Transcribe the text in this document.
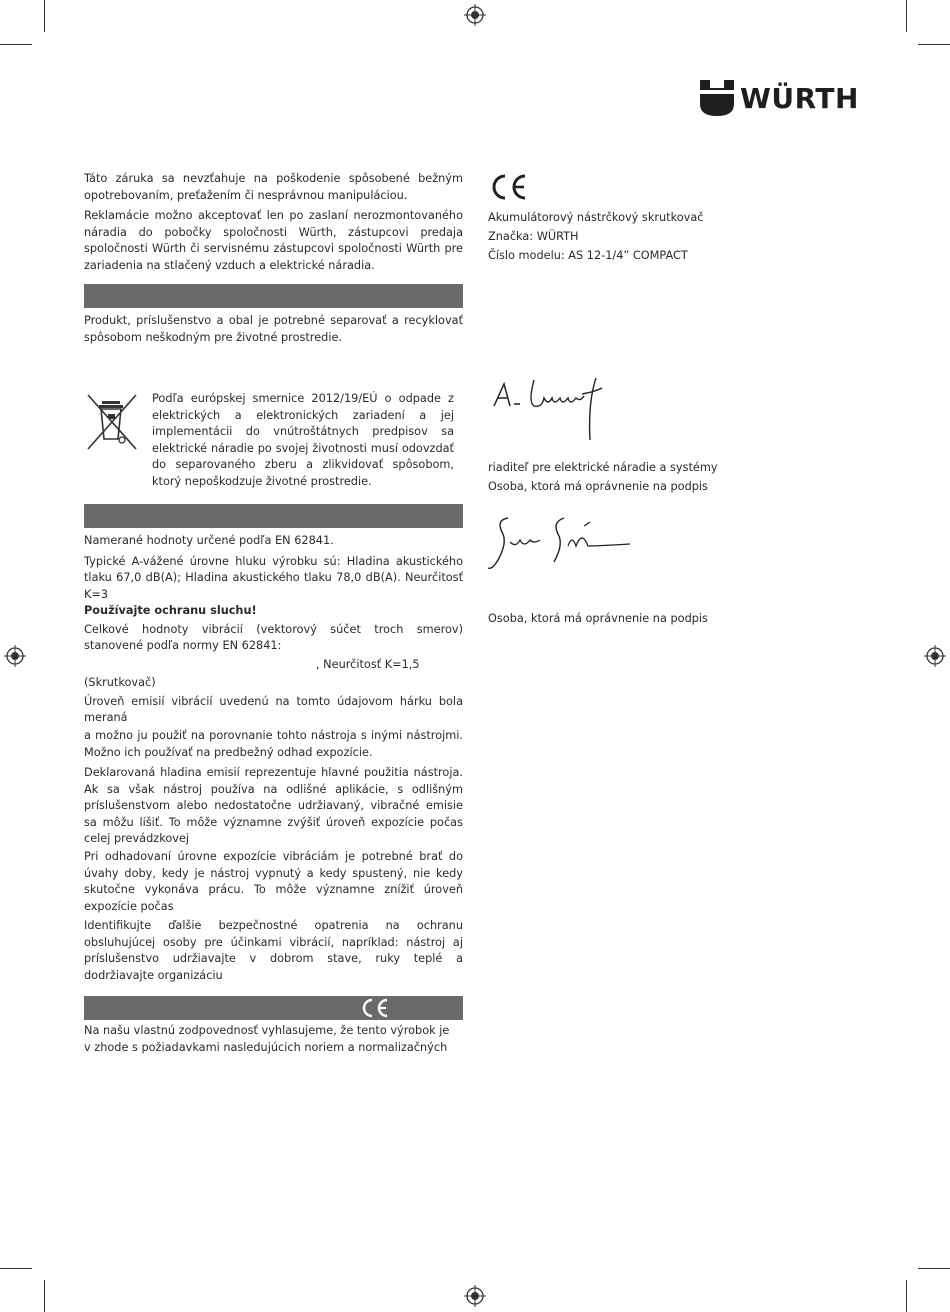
WÜRTH

Táto záruka sa nevzťahuje na poškodenie spôsobené bežným opotrebovaním, preťažením či nesprávnou manipuláciou.

Reklamácie možno akceptovať len po zaslaní nerozmontovaného náradia do pobočky spoločnosti Würth, zástupcovi predaja spoločnosti Würth či servisnému zástupcovi spoločnosti Würth pre zariadenia na stlačený vzduch a elektrické náradia.

Produkt, príslušenstvo a obal je potrebné separovať a recyklovať spôsobom neškodným pre životné prostredie.

Podľa európskej smernice 2012/19/EÚ o odpade z elektrických a elektronických zariadení a jej implementácii do vnútroštátnych predpisov sa elektrické náradie po svojej životnosti musí odovzdať do separovaného zberu a zlikvidovať spôsobom, ktorý nepoškodzuje životné prostredie.

Namerané hodnoty určené podľa EN 62841.

Typické A-vážené úrovne hluku výrobku sú: Hladina akustického tlaku 67,0 dB(A); Hladina akustického tlaku 78,0 dB(A). Neurčitosť K=3

Používajte ochranu sluchu!

Celkové hodnoty vibrácií (vektorový súčet troch smerov) stanovené podľa normy EN 62841:

, Neurčitosť K=1,5

(Skrutkovač)

Úroveň emisií vibrácií uvedenú na tomto údajovom hárku bola meraná

a možno ju použiť na porovnanie tohto nástroja s inými nástrojmi. Možno ich používať na predbežný odhad expozície.

Deklarovaná hladina emisií reprezentuje hlavné použitia nástroja. Ak sa však nástroj používa na odlišné aplikácie, s odlišným príslušenstvom alebo nedostatočne udržiavaný, vibračné emisie sa môžu líšiť. To môže významne zvýšiť úroveň expozície počas celej prevádzkovej

Pri odhadovaní úrovne expozície vibráciám je potrebné brať do úvahy doby, kedy je nástroj vypnutý a kedy spustený, nie kedy skutočne vykonáva prácu. To môže významne znížiť úroveň expozície počas

Identifikujte ďalšie bezpečnostné opatrenia na ochranu obsluhujúcej osoby pre účinkami vibrácií, napríklad: nástroj aj príslušenstvo udržiavajte v dobrom stave, ruky teplé a dodržiavajte organizáciu

Na našu vlastnú zodpovednosť vyhlasujeme, že tento výrobok je

v zhode s požiadavkami nasledujúcich noriem a normalizačných

Akumulátorový nástrčkový skrutkovač
Značka: WÜRTH
Číslo modelu: AS 12-1/4” COMPACT
riaditeľ pre elektrické náradie a systémy
Osoba, ktorá má oprávnenie na podpis
Osoba, ktorá má oprávnenie na podpis
